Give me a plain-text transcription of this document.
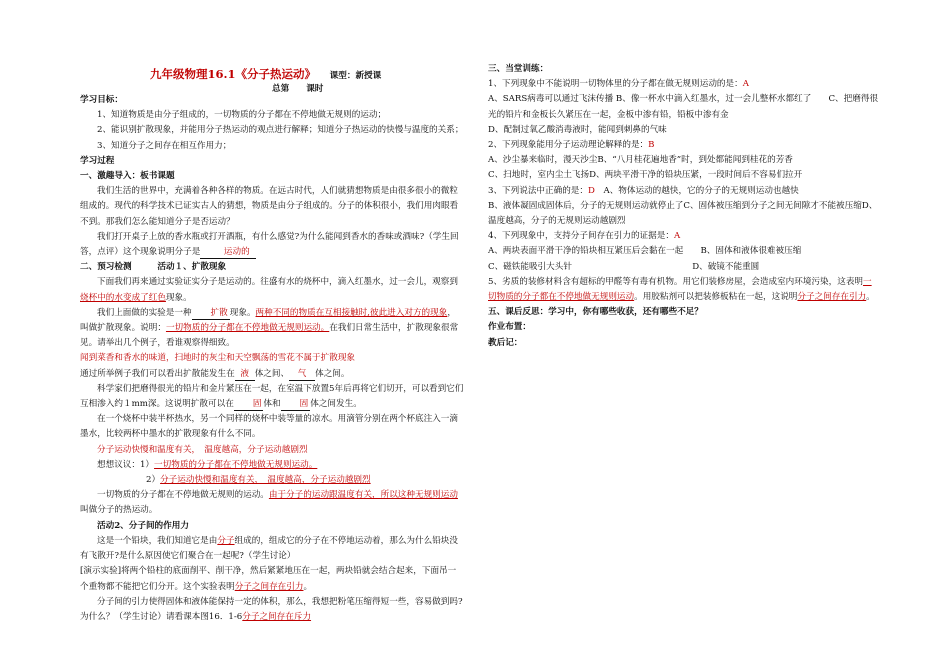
九年级物理16.1《分子热运动》 课型：新授课
总第 课时

学习目标：

1、知道物质是由分子组成的，一切物质的分子都在不停地做无规则的运动；

2、能识别扩散现象，并能用分子热运动的观点进行解释；知道分子热运动的快慢与温度的关系；

3、知道分子之间存在相互作用力；

学习过程

一、激趣导入：板书课题

我们生活的世界中，充满着各种各样的物质。在远古时代，人们就猜想物质是由很多很小的微粒组成的。现代的科学技术已证实古人的猜想，物质是由分子组成的。分子的体积很小，我们用肉眼看不到。那我们怎么能知道分子是否运动？

我们打开桌子上放的香水瓶或打开酒瓶，有什么感觉?为什么能闻到香水的香味或酒味?（学生回答，点评）这个现象说明分子是	运动的

二、预习检测　　　活动１、扩散现象

下面我们再来通过实验证实分子是运动的。往盛有水的烧杯中，滴入红墨水，过一会儿，观察到烧杯中的水变成了红色现象。

我们上面做的实验是一种 扩散 现象。两种不同的物质在互相接触时,彼此进入对方的现象，叫做扩散现象。说明：一切物质的分子都在不停地做无规则运动。在我们日常生活中，扩散现象很常见。请举出几个例子，看谁观察得细致。

闻到菜香和香水的味道，扫地时的灰尘和天空飘荡的雪花不属于扩散现象

通过所举例子我们可以看出扩散能发生在 液 体之间、 气 体之间。

科学家们把磨得很光的铅片和金片紧压在一起，在室温下放置5年后再将它们切开，可以看到它们互相渗入约１mm深。这说明扩散可以在 固 体和 固 体之间发生。

在一个烧杯中装半杯热水，另一个同样的烧杯中装等量的凉水。用滴管分别在两个杯底注入一滴墨水，比较两杯中墨水的扩散现象有什么不同。

分子运动快慢和温度有关，　温度越高，分子运动越剧烈

想想议议：1）一切物质的分子都在不停地做无规则运动。

2）分子运动快慢和温度有关，　温度越高，分子运动越剧烈

一切物质的分子都在不停地做无规则的运动。由于分子的运动跟温度有关，所以这种无规则运动叫做分子的热运动。

活动2、分子间的作用力

这是一个铅块，我们知道它是由分子组成的，组成它的分子在不停地运动着，那么为什么铅块没有飞散开?是什么原因使它们聚合在一起呢?（学生讨论）

[演示实验]将两个铅柱的底面削平、削干净，然后紧紧地压在一起，两块铅就会结合起来，下面吊一个重物都不能把它们分开。这个实验表明分子之间存在引力。

分子间的引力使得固体和液体能保持一定的体积，那么，我想把粉笔压缩得短一些，容易做到吗?为什么？（学生讨论）请看课本图16．1-6分子之间存在斥力

三、当堂训练：

1、下列现象中不能说明一切物体里的分子都在做无规则运动的是：A

A、SARS病毒可以通过飞沫传播 B、像一杯水中滴入红墨水，过一会儿整杯水都红了　　C、把磨得很光的铅片和金板长久紧压在一起，金板中渗有铅，铅板中渗有金

D、配制过氧乙酸消毒液时，能闻到刺鼻的气味

2、下列现象能用分子运动理论解释的是：B

A、沙尘暴来临时，漫天沙尘B、“八月桂花遍地香”时，到处都能闻到桂花的芳香

C、扫地时，室内尘土飞扬D、两块平滑干净的铅块压紧，一段时间后不容易们拉开

3、下列说法中正确的是：D　 A、物体运动的越快，它的分子的无规则运动也越快

B、液体凝固成固体后，分子的无规则运动就停止了C、固体被压缩到分子之间无间隙才不能被压缩D、温度越高，分子的无规则运动越剧烈

4、下列现象中，支持分子间存在引力的证据是：A

A、两块表面平滑干净的铅块相互紧压后会黏在一起　　B、固体和液体很难被压缩

C、磁铁能吸引大头针　　　　　　　　　　　　　　D、破镜不能重圆

5、劣质的装修材料含有超标的甲醛等有毒有机物。用它们装修房屋，会造成室内环境污染，这表明一切物质的分子都在不停地做无规则运动。用胶粘剂可以把装修板粘在一起，这说明分子之间存在引力。

五、课后反思：学习中，你有哪些收获，还有哪些不足？

作业布置：

教后记：
